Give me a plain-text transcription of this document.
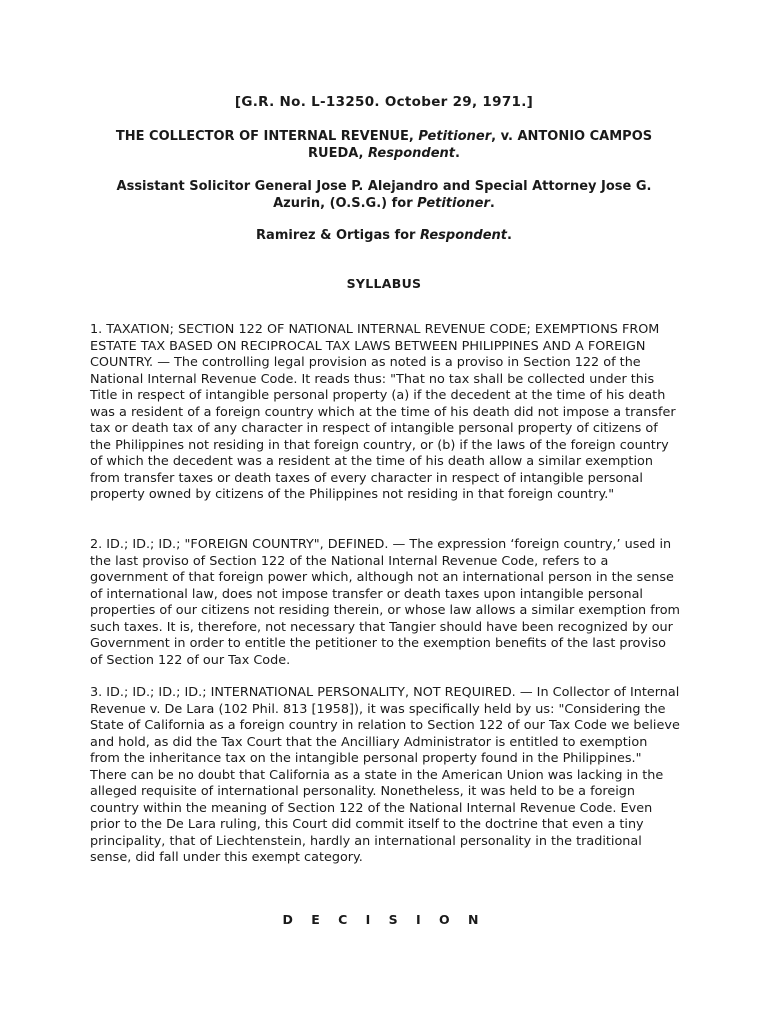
[G.R. No. L-13250. October 29, 1971.]

THE COLLECTOR OF INTERNAL REVENUE, Petitioner, v. ANTONIO CAMPOS RUEDA, Respondent.

Assistant Solicitor General Jose P. Alejandro and Special Attorney Jose G. Azurin, (O.S.G.) for Petitioner.

Ramirez & Ortigas for Respondent.

SYLLABUS

1. TAXATION; SECTION 122 OF NATIONAL INTERNAL REVENUE CODE; EXEMPTIONS FROM ESTATE TAX BASED ON RECIPROCAL TAX LAWS BETWEEN PHILIPPINES AND A FOREIGN COUNTRY. — The controlling legal provision as noted is a proviso in Section 122 of the National Internal Revenue Code. It reads thus: "That no tax shall be collected under this Title in respect of intangible personal property (a) if the decedent at the time of his death was a resident of a foreign country which at the time of his death did not impose a transfer tax or death tax of any character in respect of intangible personal property of citizens of the Philippines not residing in that foreign country, or (b) if the laws of the foreign country of which the decedent was a resident at the time of his death allow a similar exemption from transfer taxes or death taxes of every character in respect of intangible personal property owned by citizens of the Philippines not residing in that foreign country."

2. ID.; ID.; ID.; "FOREIGN COUNTRY", DEFINED. — The expression ‘foreign country,’ used in the last proviso of Section 122 of the National Internal Revenue Code, refers to a government of that foreign power which, although not an international person in the sense of international law, does not impose transfer or death taxes upon intangible personal properties of our citizens not residing therein, or whose law allows a similar exemption from such taxes. It is, therefore, not necessary that Tangier should have been recognized by our Government in order to entitle the petitioner to the exemption benefits of the last proviso of Section 122 of our Tax Code.

3. ID.; ID.; ID.; ID.; INTERNATIONAL PERSONALITY, NOT REQUIRED. — In Collector of Internal Revenue v. De Lara (102 Phil. 813 [1958]), it was specifically held by us: "Considering the State of California as a foreign country in relation to Section 122 of our Tax Code we believe and hold, as did the Tax Court that the Ancilliary Administrator is entitled to exemption from the inheritance tax on the intangible personal property found in the Philippines." There can be no doubt that California as a state in the American Union was lacking in the alleged requisite of international personality. Nonetheless, it was held to be a foreign country within the meaning of Section 122 of the National Internal Revenue Code. Even prior to the De Lara ruling, this Court did commit itself to the doctrine that even a tiny principality, that of Liechtenstein, hardly an international personality in the traditional sense, did fall under this exempt category.

D E C I S I O N
